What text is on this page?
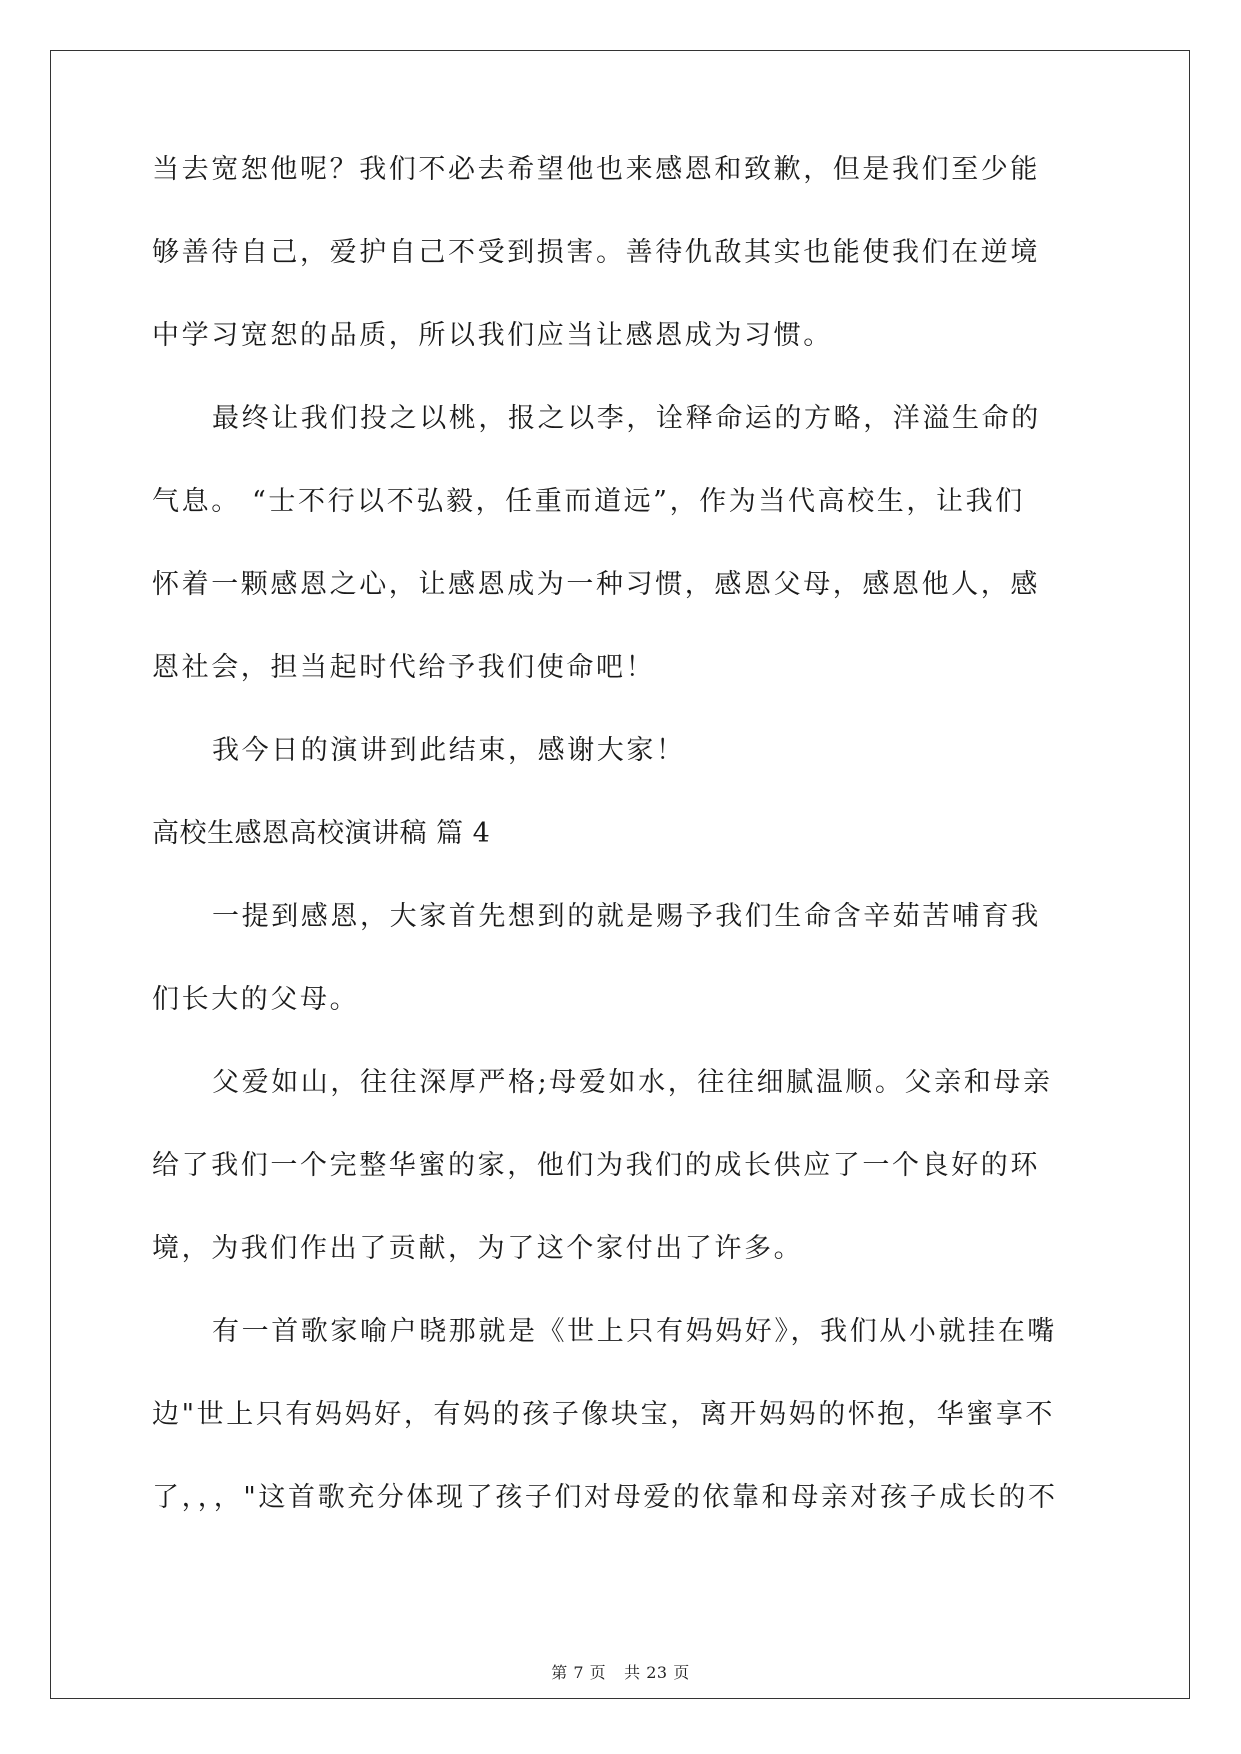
当去宽恕他呢？我们不必去希望他也来感恩和致歉，但是我们至少能
够善待自己，爱护自己不受到损害。善待仇敌其实也能使我们在逆境
中学习宽恕的品质，所以我们应当让感恩成为习惯。
最终让我们投之以桃，报之以李，诠释命运的方略，洋溢生命的
气息。 “士不行以不弘毅，任重而道远”，作为当代高校生，让我们
怀着一颗感恩之心，让感恩成为一种习惯，感恩父母，感恩他人，感
恩社会，担当起时代给予我们使命吧！
我今日的演讲到此结束，感谢大家！
高校生感恩高校演讲稿 篇 4
一提到感恩，大家首先想到的就是赐予我们生命含辛茹苦哺育我
们长大的父母。
父爱如山，往往深厚严格;母爱如水，往往细腻温顺。父亲和母亲
给了我们一个完整华蜜的家，他们为我们的成长供应了一个良好的环
境，为我们作出了贡献，为了这个家付出了许多。
有一首歌家喻户晓那就是《世上只有妈妈好》，我们从小就挂在嘴
边"世上只有妈妈好，有妈的孩子像块宝，离开妈妈的怀抱，华蜜享不
了，，，"这首歌充分体现了孩子们对母爱的依靠和母亲对孩子成长的不
第 7 页 共 23 页
